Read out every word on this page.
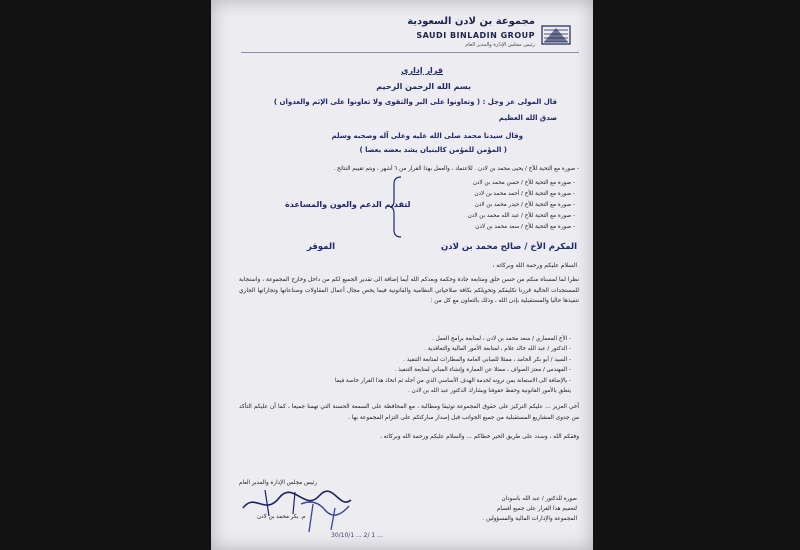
مجموعة بن لادن السعودية
SAUDI BINLADIN GROUP
رئيس مجلس الإدارة والمدير العام
قرار إداري
بسم الله الرحمن الرحيم
قال المولى عز وجل : ( وتعاونوا على البر والتقوى ولا تعاونوا على الإثم والعدوان )
صدق الله العظيم
وقال سيدنا محمد صلى الله عليه وعلى آله وصحبه وسلم
( المؤمن للمؤمن كالبنيان يشد بعضه بعضا )
- صورة مع التحية للأخ / يحيى محمد بن لادن . للاعتماد ، والعمل بهذا القرار من ٦ أشهر ، ويتم تقييم النتائج .
- صورة مع التحية للأخ / حسن محمد بن لادن
- صورة مع التحية للأخ / أحمد محمد بن لادن
- صورة مع التحية للأخ / حيدر محمد بن لادن
- صورة مع التحية للأخ / عبد الله محمد بن لادن
- صورة مع التحية للأخ / سعد محمد بن لادن
لتقديم الدعم والعون والمساعدة
المكرم الأخ / صالح محمد بن لادن
الموقر
السلام عليكم ورحمة الله وبركاته ،
نظرا لما لمسناه منكم من حسن خلق ومتابعة جادة وحكمة وبعدكم الله أيما إضافة الى تقدير الجميع لكم من داخل وخارج المجموعة ، واستجابة للمستجدات الحالية قررنا تكليفكم وتخويلكم بكافة صلاحياتي النظامية والقانونية فيما يخص مجال أعمال المقاولات وصناعاتها وتجاراتها الجاري تنفيذها حاليا والمستقبلية بإذن الله ، وذلك بالتعاون مع كل من :
- الأخ المعماري / سعد محمد بن لادن ، لمتابعة برامج العمل .
- الدكتور / عبد الله خالد علام ، لمتابعة الأمور المالية والتعاقدية .
- السيد / أبو بكر الحامد ، ممثلا للمباني العامة والمطارات لمتابعة التنفيذ .
- المهندس / معتز الصواف ، ممثلا عن العمارة وإنشاء المباني لمتابعة التنفيذ .
- بالإضافة الى الاستعانة بمن ترونه لخدمة الهدف الأساسي الذي من أجله تم اتخاذ هذا القرار خاصة فيما
يتعلق بالأمور القانونية وحفظ حقوقنا ويشارك الدكتور عبد الله بن لادن .
أخي العزيز ... عليكم التركيز على حقوق المجموعة توثيقا ومطالبة ، مع المحافظة على السمعة الحسنة التي تهمنا جميعا ، كما أن عليكم التأكد من جدوى المشاريع المستقبلية من جميع الجوانب قبل إصدار مباركتكم على التزام المجموعة بها .
وفقكم الله ، وسدد على طريق الخير خطاكم ... والسلام عليكم ورحمة الله وبركاته ،
صورة للدكتور / عبد الله باسودان
لتعميم هذا القرار على جميع أقسام
المجموعة والإدارات المالية والمسؤولين .
رئيس مجلس الإدارة والمدير العام
م. بكر محمد بن لادن
30/10/1 ... 2/ 1 ...
